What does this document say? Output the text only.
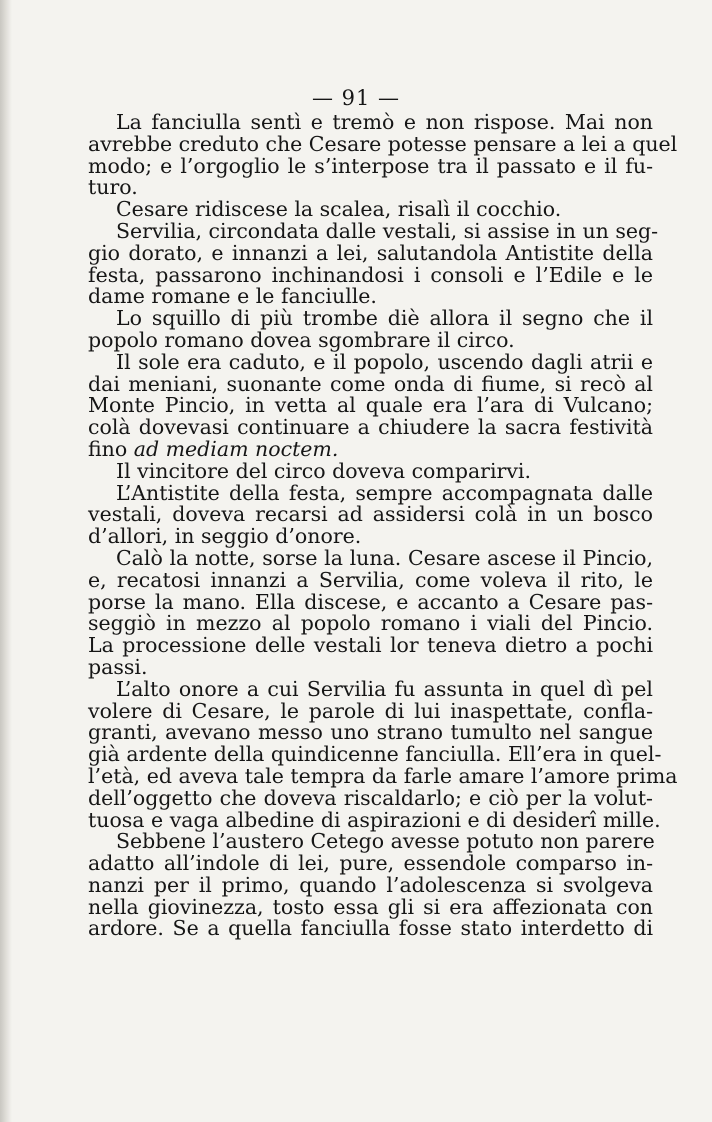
— 91 —
La fanciulla sentì e tremò e non rispose. Mai non
avrebbe creduto che Cesare potesse pensare a lei a quel
modo; e l’orgoglio le s’interpose tra il passato e il fu-
turo.
Cesare ridiscese la scalea, risalì il cocchio.
Servilia, circondata dalle vestali, si assise in un seg-
gio dorato, e innanzi a lei, salutandola Antistite della
festa, passarono inchinandosi i consoli e l’Edile e le
dame romane e le fanciulle.
Lo squillo di più trombe diè allora il segno che il
popolo romano dovea sgombrare il circo.
Il sole era caduto, e il popolo, uscendo dagli atrii e
dai meniani, suonante come onda di fiume, si recò al
Monte Pincio, in vetta al quale era l’ara di Vulcano;
colà dovevasi continuare a chiudere la sacra festività
fino ad mediam noctem.
Il vincitore del circo doveva comparirvi.
L’Antistite della festa, sempre accompagnata dalle
vestali, doveva recarsi ad assidersi colà in un bosco
d’allori, in seggio d’onore.
Calò la notte, sorse la luna. Cesare ascese il Pincio,
e, recatosi innanzi a Servilia, come voleva il rito, le
porse la mano. Ella discese, e accanto a Cesare pas-
seggiò in mezzo al popolo romano i viali del Pincio.
La processione delle vestali lor teneva dietro a pochi
passi.
L’alto onore a cui Servilia fu assunta in quel dì pel
volere di Cesare, le parole di lui inaspettate, confla-
granti, avevano messo uno strano tumulto nel sangue
già ardente della quindicenne fanciulla. Ell’era in quel-
l’età, ed aveva tale tempra da farle amare l’amore prima
dell’oggetto che doveva riscaldarlo; e ciò per la volut-
tuosa e vaga albedine di aspirazioni e di desiderî mille.
Sebbene l’austero Cetego avesse potuto non parere
adatto all’indole di lei, pure, essendole comparso in-
nanzi per il primo, quando l’adolescenza si svolgeva
nella giovinezza, tosto essa gli si era affezionata con
ardore. Se a quella fanciulla fosse stato interdetto di
